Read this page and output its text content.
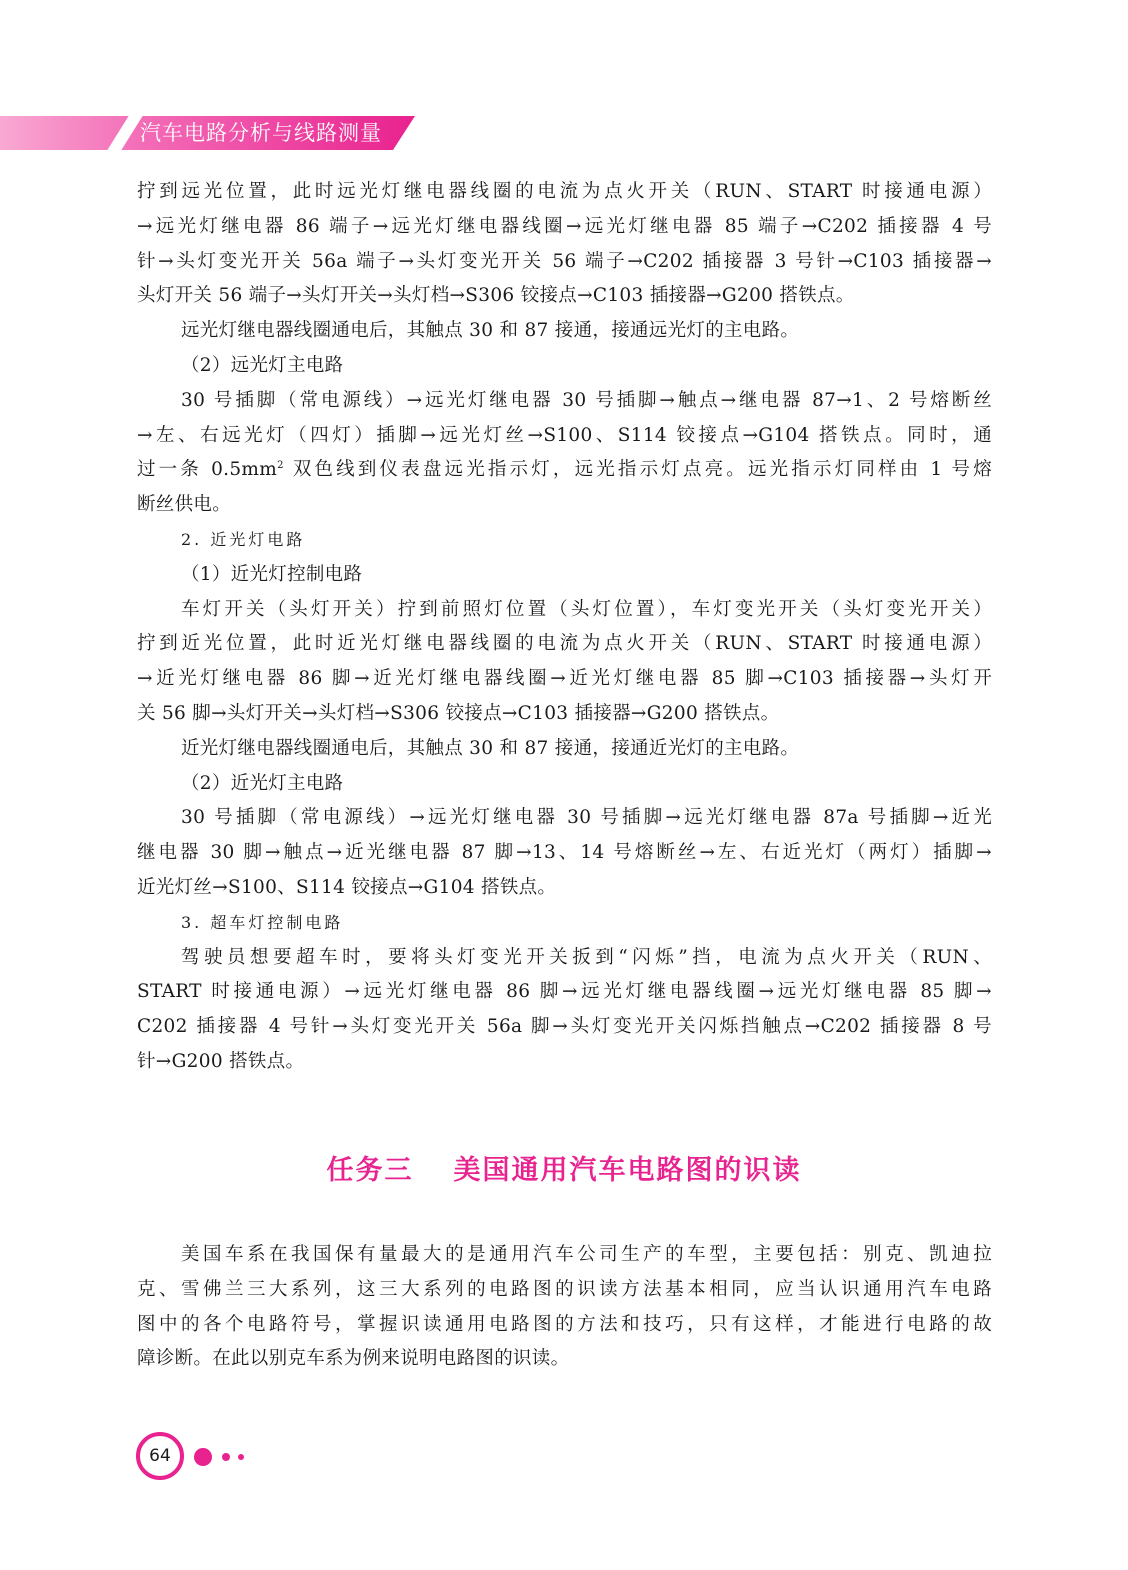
汽车电路分析与线路测量

拧到远光位置，此时远光灯继电器线圈的电流为点火开关（RUN、START 时接通电源）

→远光灯继电器 86 端子→远光灯继电器线圈→远光灯继电器 85 端子→C202 插接器 4 号

针→头灯变光开关 56a 端子→头灯变光开关 56 端子→C202 插接器 3 号针→C103 插接器→

头灯开关 56 端子→头灯开关→头灯档→S306 铰接点→C103 插接器→G200 搭铁点。

远光灯继电器线圈通电后，其触点 30 和 87 接通，接通远光灯的主电路。

（2）远光灯主电路

30 号插脚（常电源线）→远光灯继电器 30 号插脚→触点→继电器 87→1、2 号熔断丝

→左、右远光灯（四灯）插脚→远光灯丝→S100、S114 铰接点→G104 搭铁点。同时，通

过一条 $0.5mm^2$ 双色线到仪表盘远光指示灯，远光指示灯点亮。远光指示灯同样由 1 号熔

断丝供电。

2. 近光灯电路

（1）近光灯控制电路

车灯开关（头灯开关）拧到前照灯位置（头灯位置），车灯变光开关（头灯变光开关）

拧到近光位置，此时近光灯继电器线圈的电流为点火开关（RUN、START 时接通电源）

→近光灯继电器 86 脚→近光灯继电器线圈→近光灯继电器 85 脚→C103 插接器→头灯开

关 56 脚→头灯开关→头灯档→S306 铰接点→C103 插接器→G200 搭铁点。

近光灯继电器线圈通电后，其触点 30 和 87 接通，接通近光灯的主电路。

（2）近光灯主电路

30 号插脚（常电源线）→远光灯继电器 30 号插脚→远光灯继电器 87a 号插脚→近光

继电器 30 脚→触点→近光继电器 87 脚→13、14 号熔断丝→左、右近光灯（两灯）插脚→

近光灯丝→S100、S114 铰接点→G104 搭铁点。

3. 超车灯控制电路

驾驶员想要超车时，要将头灯变光开关扳到“闪烁”挡，电流为点火开关（RUN、

START 时接通电源）→远光灯继电器 86 脚→远光灯继电器线圈→远光灯继电器 85 脚→

C202 插接器 4 号针→头灯变光开关 56a 脚→头灯变光开关闪烁挡触点→C202 插接器 8 号

针→G200 搭铁点。

任务三 美国通用汽车电路图的识读

美国车系在我国保有量最大的是通用汽车公司生产的车型，主要包括：别克、凯迪拉

克、雪佛兰三大系列，这三大系列的电路图的识读方法基本相同，应当认识通用汽车电路

图中的各个电路符号，掌握识读通用电路图的方法和技巧，只有这样，才能进行电路的故

障诊断。在此以别克车系为例来说明电路图的识读。

64
